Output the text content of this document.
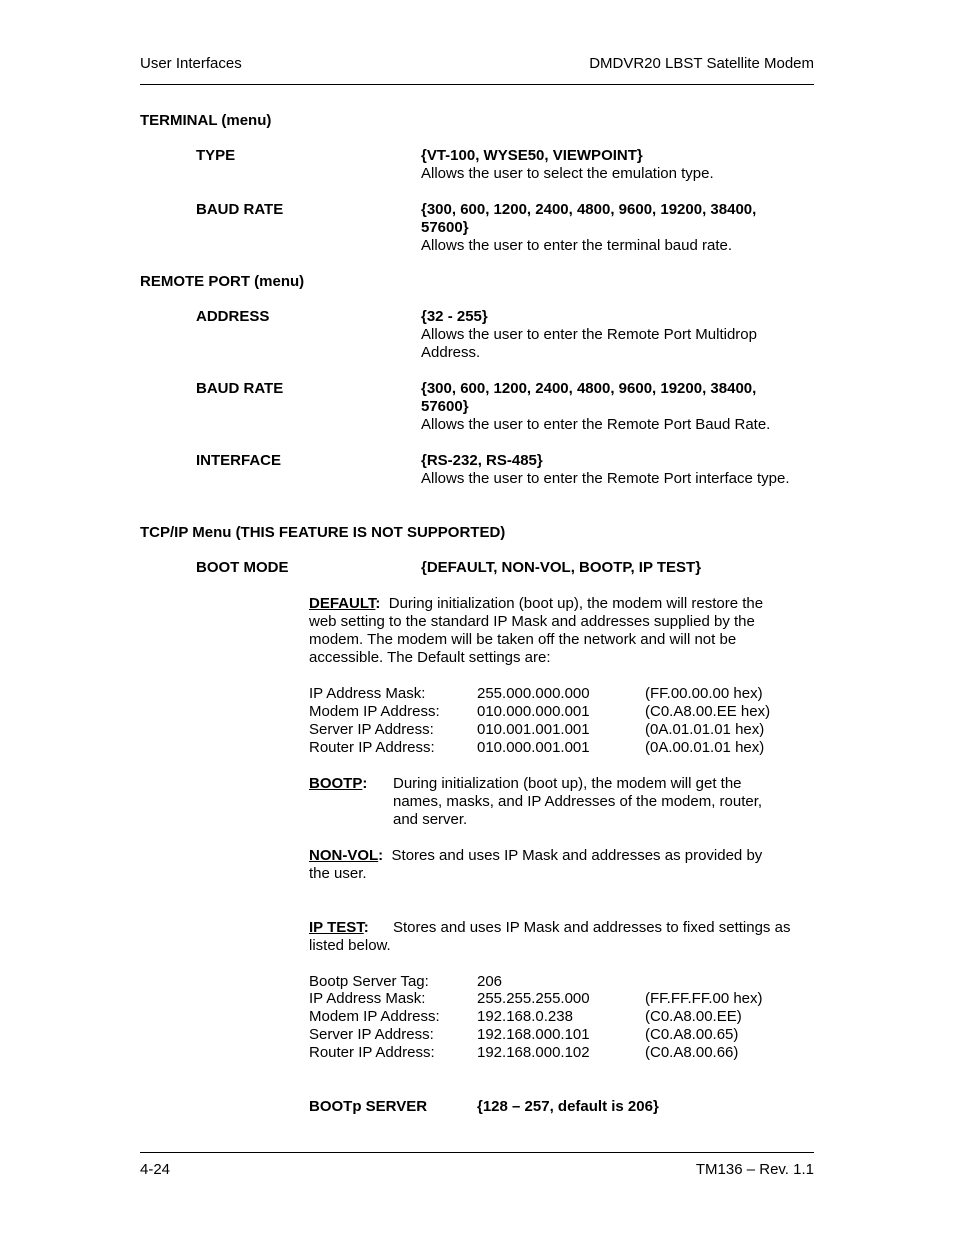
User Interfaces	DMDVR20 LBST Satellite Modem
TERMINAL (menu)
TYPE	{VT-100, WYSE50, VIEWPOINT}
Allows the user to select the emulation type.
BAUD RATE	{300, 600, 1200, 2400, 4800, 9600, 19200, 38400,
57600}
Allows the user to enter the terminal baud rate.
REMOTE PORT (menu)
ADDRESS	{32 - 255}
Allows the user to enter the Remote Port Multidrop
Address.
BAUD RATE	{300, 600, 1200, 2400, 4800, 9600, 19200, 38400,
57600}
Allows the user to enter the Remote Port Baud Rate.
INTERFACE	{RS-232, RS-485}
Allows the user to enter the Remote Port interface type.
TCP/IP Menu (THIS FEATURE IS NOT SUPPORTED)
BOOT MODE	{DEFAULT, NON-VOL, BOOTP, IP TEST}
DEFAULT: During initialization (boot up), the modem will restore the
web setting to the standard IP Mask and addresses supplied by the
modem. The modem will be taken off the network and will not be
accessible. The Default settings are:
IP Address Mask:	255.000.000.000	(FF.00.00.00 hex)
Modem IP Address: 010.000.000.001	(C0.A8.00.EE hex)
Server IP Address:	010.001.001.001	(0A.01.01.01 hex)
Router IP Address:	010.000.001.001	(0A.00.01.01 hex)
BOOTP: During initialization (boot up), the modem will get the
names, masks, and IP Addresses of the modem, router,
and server.
NON-VOL: Stores and uses IP Mask and addresses as provided by
the user.
IP TEST: Stores and uses IP Mask and addresses to fixed settings as
listed below.
Bootp Server Tag:	206
IP Address Mask:	255.255.255.000	(FF.FF.FF.00 hex)
Modem IP Address: 192.168.0.238	(C0.A8.00.EE)
Server IP Address:	192.168.000.101	(C0.A8.00.65)
Router IP Address:	192.168.000.102	(C0.A8.00.66)
BOOTp SERVER	{128 – 257, default is 206}
4-24	TM136 – Rev. 1.1
